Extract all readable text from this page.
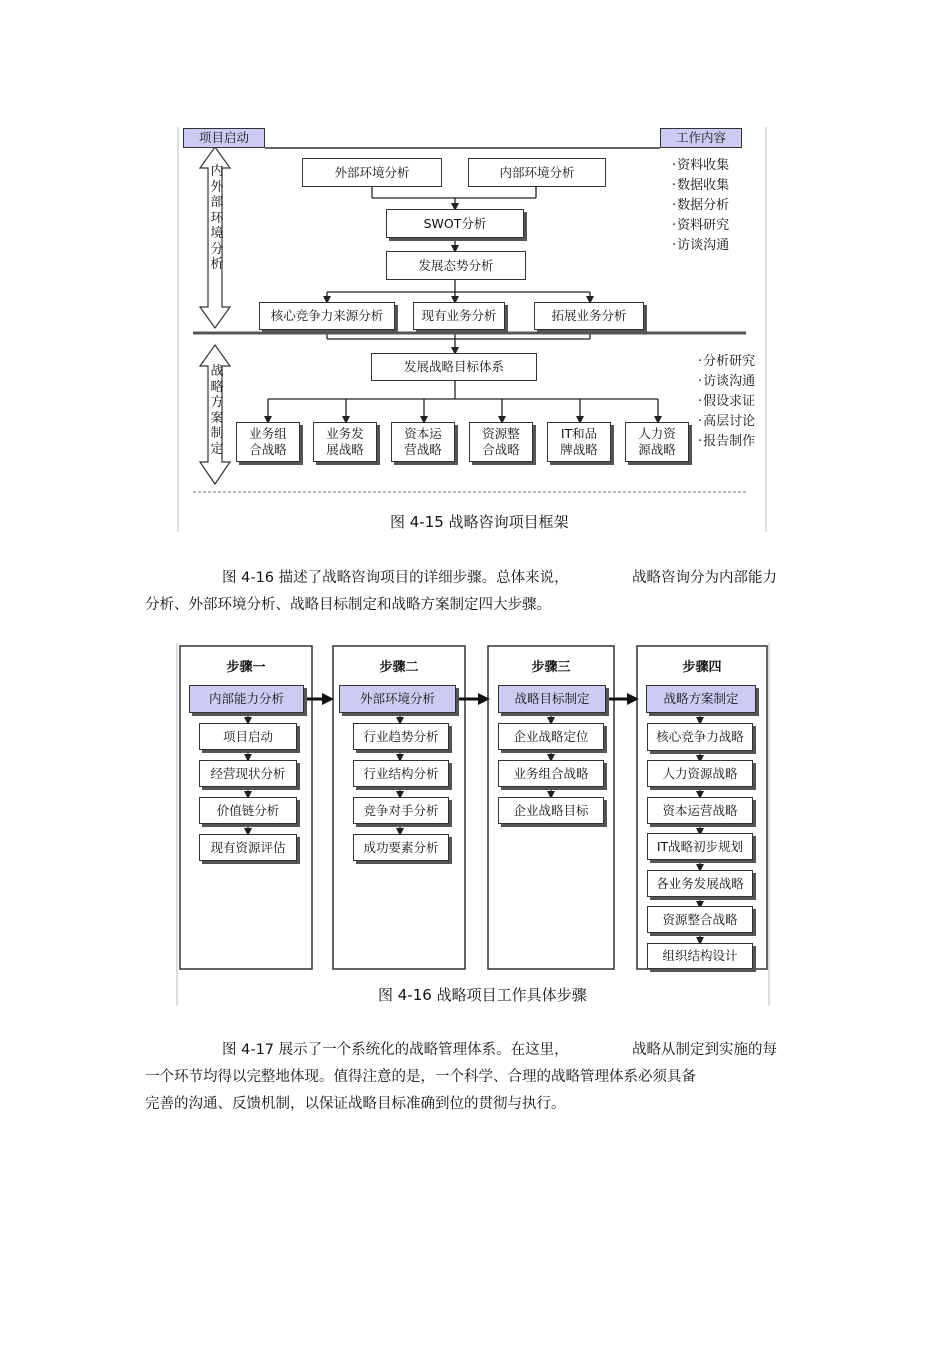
项目启动	工作内容
内
外
部
环
境
分
析
战
略
方
案
制
定
外部环境分析	内部环境分析
SWOT分析
发展态势分析
核心竞争力来源分析	现有业务分析	拓展业务分析
发展战略目标体系
业务组
合战略
业务发
展战略
资本运
营战略
资源整
合战略
IT和品
牌战略
人力资
源战略
· 资料收集
· 数据收集
· 数据分析
· 资料研究
· 访谈沟通
· 分析研究
· 访谈沟通
· 假设求证
· 高层讨论
· 报告制作
图 4-15 战略咨询项目框架
图 4-16 描述了战略咨询项目的详细步骤。总体来说，	战略咨询分为内部能力
分析、外部环境分析、战略目标制定和战略方案制定四大步骤。
步骤一
内部能力分析
项目启动
经营现状分析
价值链分析
现有资源评估
步骤二
外部环境分析
行业趋势分析
行业结构分析
竞争对手分析
成功要素分析
步骤三
战略目标制定
企业战略定位
业务组合战略
企业战略目标
步骤四
战略方案制定
核心竞争力战略
人力资源战略
资本运营战略
IT战略初步规划
各业务发展战略
资源整合战略
组织结构设计
图 4-16 战略项目工作具体步骤
图 4-17 展示了一个系统化的战略管理体系。在这里，	战略从制定到实施的每
一个环节均得以完整地体现。值得注意的是，一个科学、合理的战略管理体系必须具备
完善的沟通、反馈机制，以保证战略目标准确到位的贯彻与执行。
